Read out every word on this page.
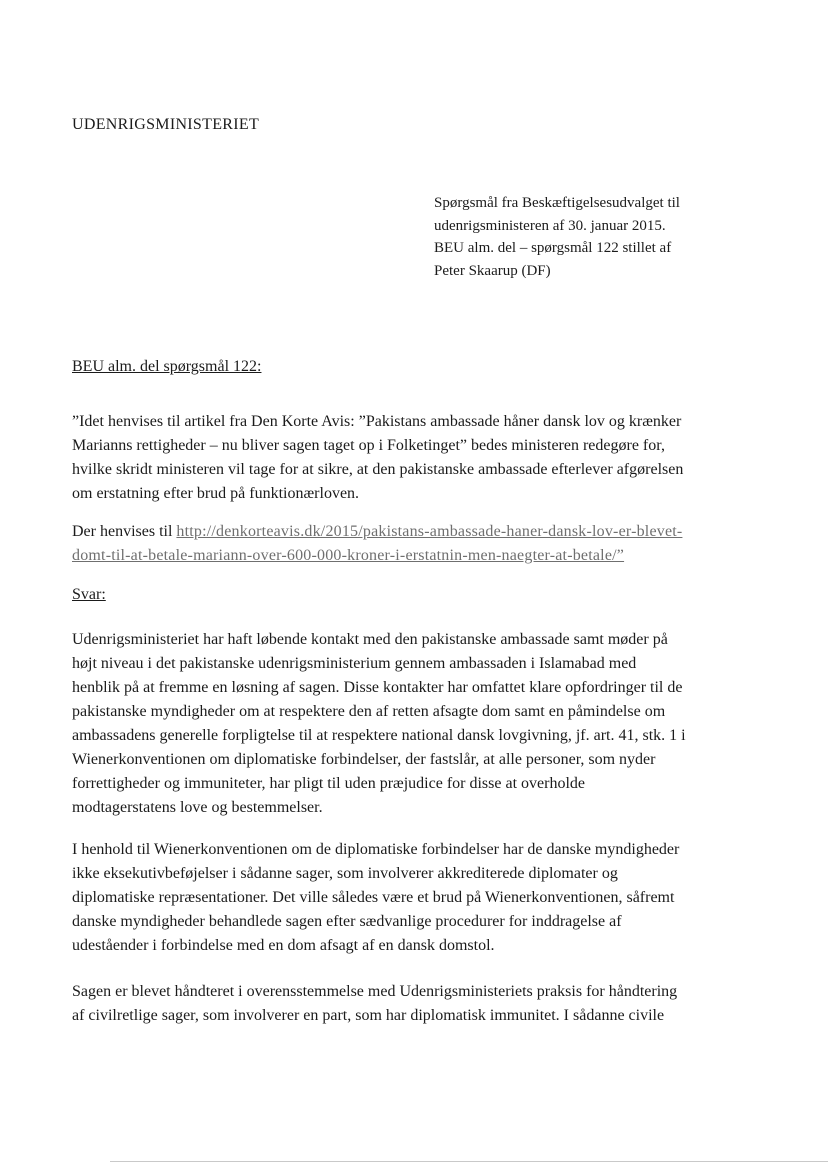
UDENRIGSMINISTERIET
Spørgsmål fra Beskæftigelsesudvalget til
udenrigsministeren af 30. januar 2015.
BEU alm. del – spørgsmål 122 stillet af
Peter Skaarup (DF)
BEU alm. del spørgsmål 122:
”Idet henvises til artikel fra Den Korte Avis: ”Pakistans ambassade håner dansk lov og krænker
Marianns rettigheder – nu bliver sagen taget op i Folketinget” bedes ministeren redegøre for,
hvilke skridt ministeren vil tage for at sikre, at den pakistanske ambassade efterlever afgørelsen
om erstatning efter brud på funktionærloven.
Der henvises til http://denkorteavis.dk/2015/pakistans-ambassade-haner-dansk-lov-er-blevet-
domt-til-at-betale-mariann-over-600-000-kroner-i-erstatnin-men-naegter-at-betale/”
Svar:
Udenrigsministeriet har haft løbende kontakt med den pakistanske ambassade samt møder på
højt niveau i det pakistanske udenrigsministerium gennem ambassaden i Islamabad med
henblik på at fremme en løsning af sagen. Disse kontakter har omfattet klare opfordringer til de
pakistanske myndigheder om at respektere den af retten afsagte dom samt en påmindelse om
ambassadens generelle forpligtelse til at respektere national dansk lovgivning, jf. art. 41, stk. 1 i
Wienerkonventionen om diplomatiske forbindelser, der fastslår, at alle personer, som nyder
forrettigheder og immuniteter, har pligt til uden præjudice for disse at overholde
modtagerstatens love og bestemmelser.
I henhold til Wienerkonventionen om de diplomatiske forbindelser har de danske myndigheder
ikke eksekutivbeføjelser i sådanne sager, som involverer akkrediterede diplomater og
diplomatiske repræsentationer. Det ville således være et brud på Wienerkonventionen, såfremt
danske myndigheder behandlede sagen efter sædvanlige procedurer for inddragelse af
udeståender i forbindelse med en dom afsagt af en dansk domstol.
Sagen er blevet håndteret i overensstemmelse med Udenrigsministeriets praksis for håndtering
af civilretlige sager, som involverer en part, som har diplomatisk immunitet. I sådanne civile
